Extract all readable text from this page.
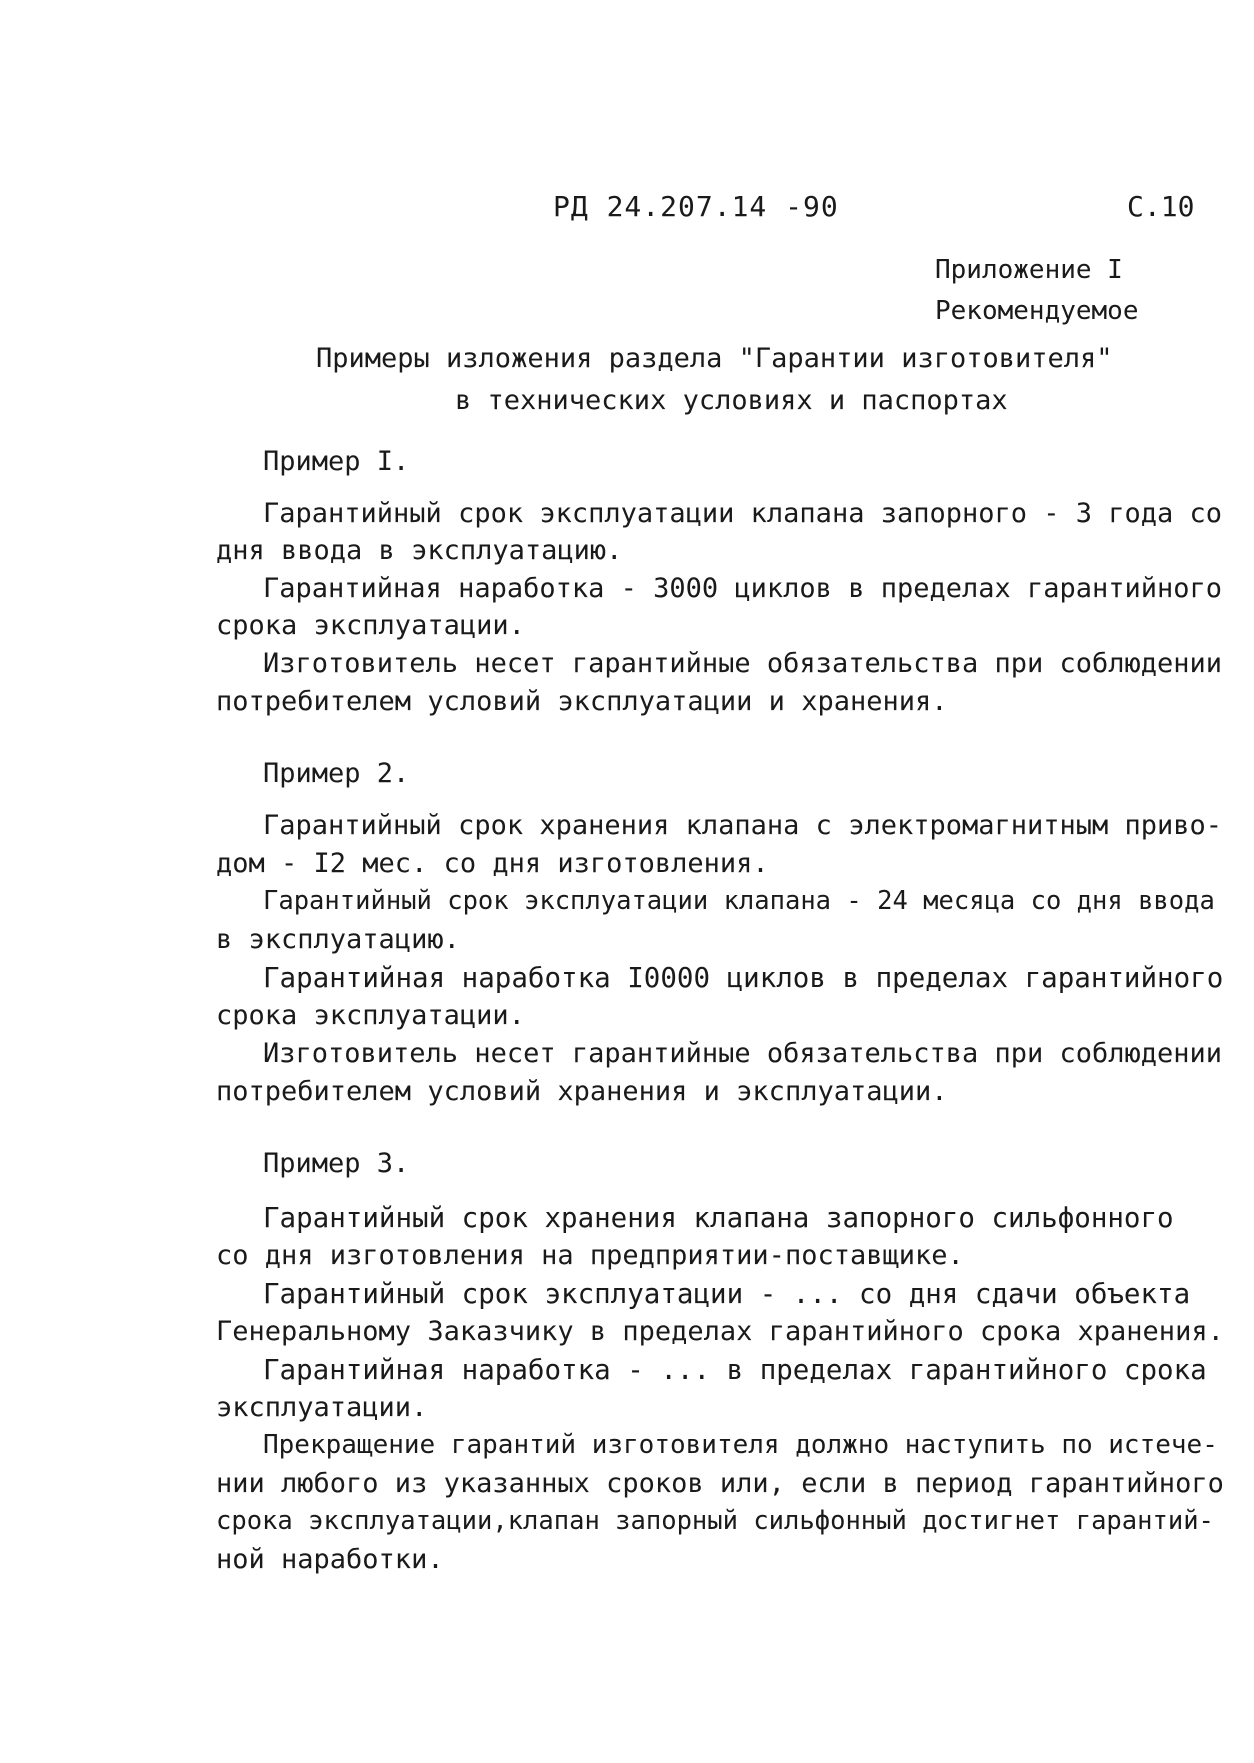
РД 24.207.14 -90	С.10
Приложение I
Рекомендуемое
Примеры изложения раздела "Гарантии изготовителя"
в технических условиях и паспортах
Пример I.
Гарантийный срок эксплуатации клапана запорного - 3 года со
дня ввода в эксплуатацию.
Гарантийная наработка - 3000 циклов в пределах гарантийного
срока эксплуатации.
Изготовитель несет гарантийные обязательства при соблюдении
потребителем условий эксплуатации и хранения.
Пример 2.
Гарантийный срок хранения клапана с электромагнитным приво-
дом - I2 мес. со дня изготовления.
Гарантийный срок эксплуатации клапана - 24 месяца со дня ввода
в эксплуатацию.
Гарантийная наработка I0000 циклов в пределах гарантийного
срока эксплуатации.
Изготовитель несет гарантийные обязательства при соблюдении
потребителем условий хранения и эксплуатации.
Пример 3.
Гарантийный срок хранения клапана запорного сильфонного
со дня изготовления на предприятии-поставщике.
Гарантийный срок эксплуатации - ... со дня сдачи объекта
Генеральному Заказчику в пределах гарантийного срока хранения.
Гарантийная наработка - ... в пределах гарантийного срока
эксплуатации.
Прекращение гарантий изготовителя должно наступить по истече-
нии любого из указанных сроков или, если в период гарантийного
срока эксплуатации,клапан запорный сильфонный достигнет гарантий-
ной наработки.
